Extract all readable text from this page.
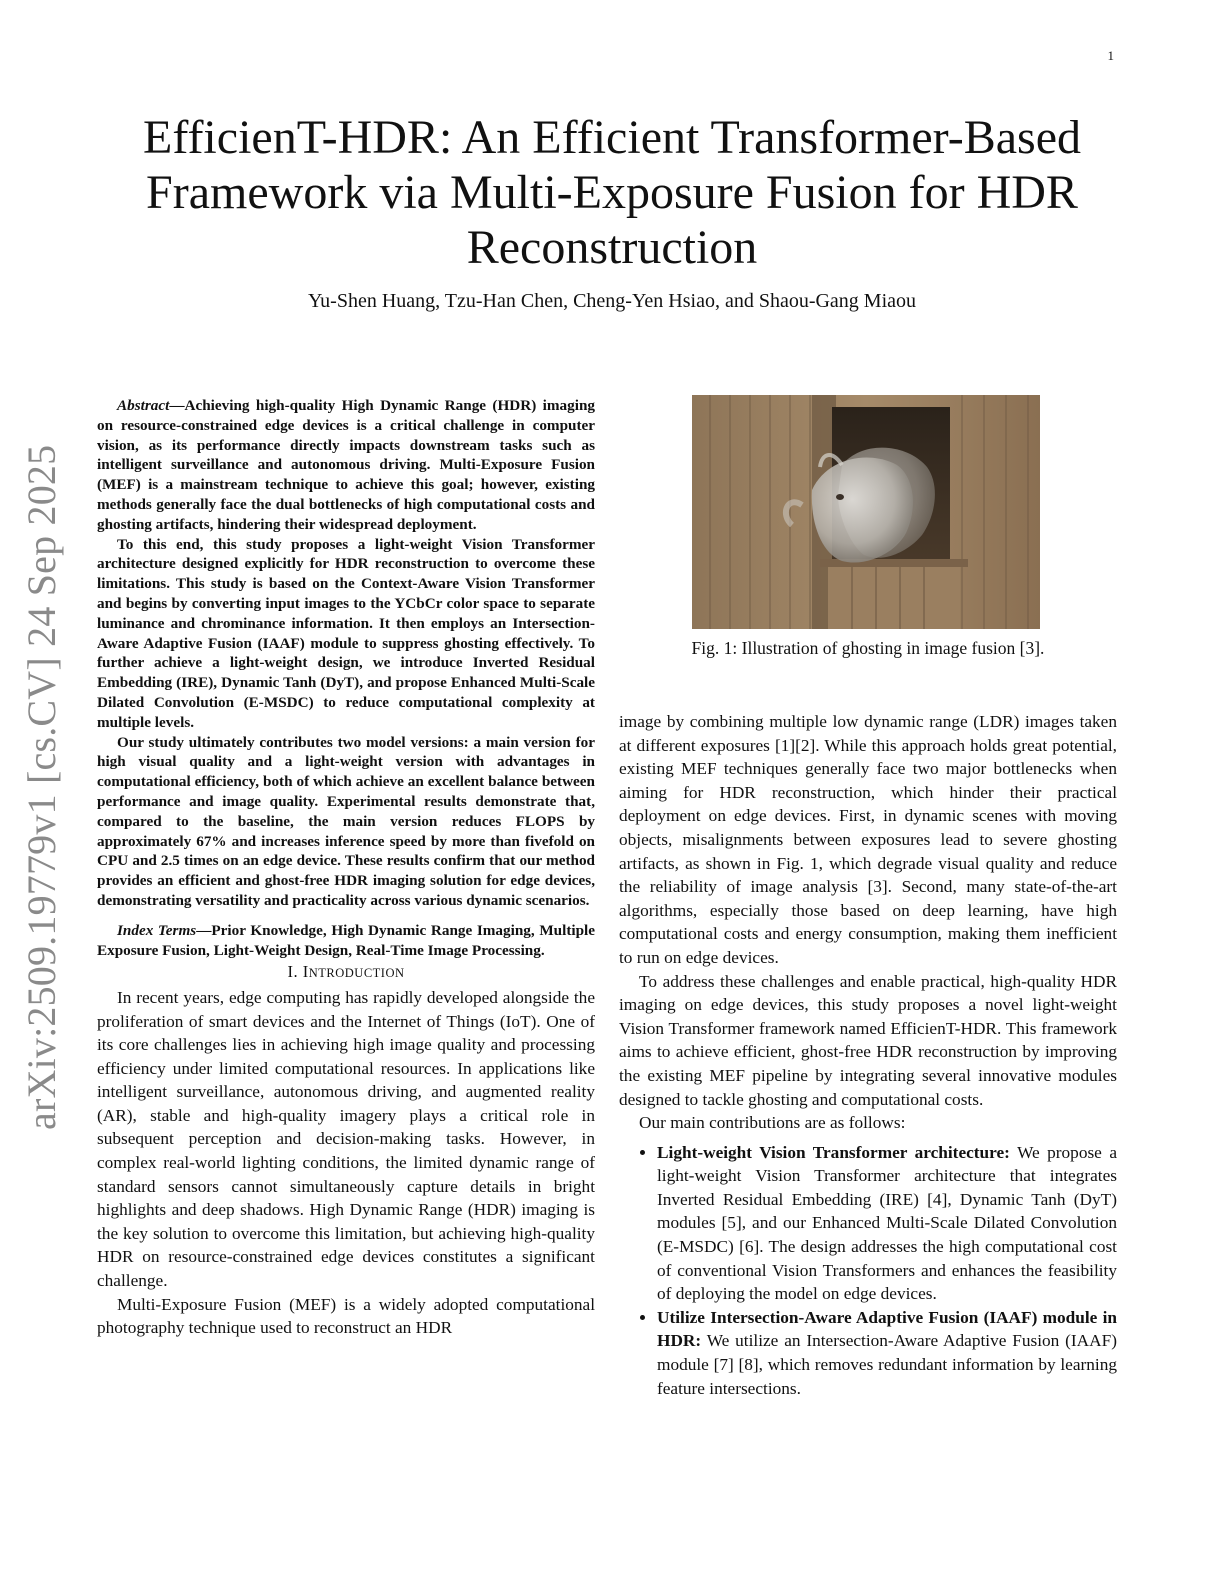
1
arXiv:2509.19779v1 [cs.CV] 24 Sep 2025
EfficienT-HDR: An Efficient Transformer-Based Framework via Multi-Exposure Fusion for HDR Reconstruction
Yu-Shen Huang, Tzu-Han Chen, Cheng-Yen Hsiao, and Shaou-Gang Miaou

Abstract—Achieving high-quality High Dynamic Range (HDR) imaging on resource-constrained edge devices is a critical challenge in computer vision, as its performance directly impacts downstream tasks such as intelligent surveillance and autonomous driving. Multi-Exposure Fusion (MEF) is a mainstream technique to achieve this goal; however, existing methods generally face the dual bottlenecks of high computational costs and ghosting artifacts, hindering their widespread deployment.

To this end, this study proposes a light-weight Vision Transformer architecture designed explicitly for HDR reconstruction to overcome these limitations. This study is based on the Context-Aware Vision Transformer and begins by converting input images to the YCbCr color space to separate luminance and chrominance information. It then employs an Intersection-Aware Adaptive Fusion (IAAF) module to suppress ghosting effectively. To further achieve a light-weight design, we introduce Inverted Residual Embedding (IRE), Dynamic Tanh (DyT), and propose Enhanced Multi-Scale Dilated Convolution (E-MSDC) to reduce computational complexity at multiple levels.

Our study ultimately contributes two model versions: a main version for high visual quality and a light-weight version with advantages in computational efficiency, both of which achieve an excellent balance between performance and image quality. Experimental results demonstrate that, compared to the baseline, the main version reduces FLOPS by approximately 67% and increases inference speed by more than fivefold on CPU and 2.5 times on an edge device. These results confirm that our method provides an efficient and ghost-free HDR imaging solution for edge devices, demonstrating versatility and practicality across various dynamic scenarios.

Index Terms—Prior Knowledge, High Dynamic Range Imaging, Multiple Exposure Fusion, Light-Weight Design, Real-Time Image Processing.

I. INTRODUCTION

In recent years, edge computing has rapidly developed alongside the proliferation of smart devices and the Internet of Things (IoT). One of its core challenges lies in achieving high image quality and processing efficiency under limited computational resources. In applications like intelligent surveillance, autonomous driving, and augmented reality (AR), stable and high-quality imagery plays a critical role in subsequent perception and decision-making tasks. However, in complex real-world lighting conditions, the limited dynamic range of standard sensors cannot simultaneously capture details in bright highlights and deep shadows. High Dynamic Range (HDR) imaging is the key solution to overcome this limitation, but achieving high-quality HDR on resource-constrained edge devices constitutes a significant challenge.

Multi-Exposure Fusion (MEF) is a widely adopted computational photography technique used to reconstruct an HDR

Fig. 1: Illustration of ghosting in image fusion [3].

image by combining multiple low dynamic range (LDR) images taken at different exposures [1][2]. While this approach holds great potential, existing MEF techniques generally face two major bottlenecks when aiming for HDR reconstruction, which hinder their practical deployment on edge devices. First, in dynamic scenes with moving objects, misalignments between exposures lead to severe ghosting artifacts, as shown in Fig. 1, which degrade visual quality and reduce the reliability of image analysis [3]. Second, many state-of-the-art algorithms, especially those based on deep learning, have high computational costs and energy consumption, making them inefficient to run on edge devices.

To address these challenges and enable practical, high-quality HDR imaging on edge devices, this study proposes a novel light-weight Vision Transformer framework named EfficienT-HDR. This framework aims to achieve efficient, ghost-free HDR reconstruction by improving the existing MEF pipeline by integrating several innovative modules designed to tackle ghosting and computational costs.

Our main contributions are as follows:

• Light-weight Vision Transformer architecture: We propose a light-weight Vision Transformer architecture that integrates Inverted Residual Embedding (IRE) [4], Dynamic Tanh (DyT) modules [5], and our Enhanced Multi-Scale Dilated Convolution (E-MSDC) [6]. The design addresses the high computational cost of conventional Vision Transformers and enhances the feasibility of deploying the model on edge devices.
• Utilize Intersection-Aware Adaptive Fusion (IAAF) module in HDR: We utilize an Intersection-Aware Adaptive Fusion (IAAF) module [7] [8], which removes redundant information by learning feature intersections.
